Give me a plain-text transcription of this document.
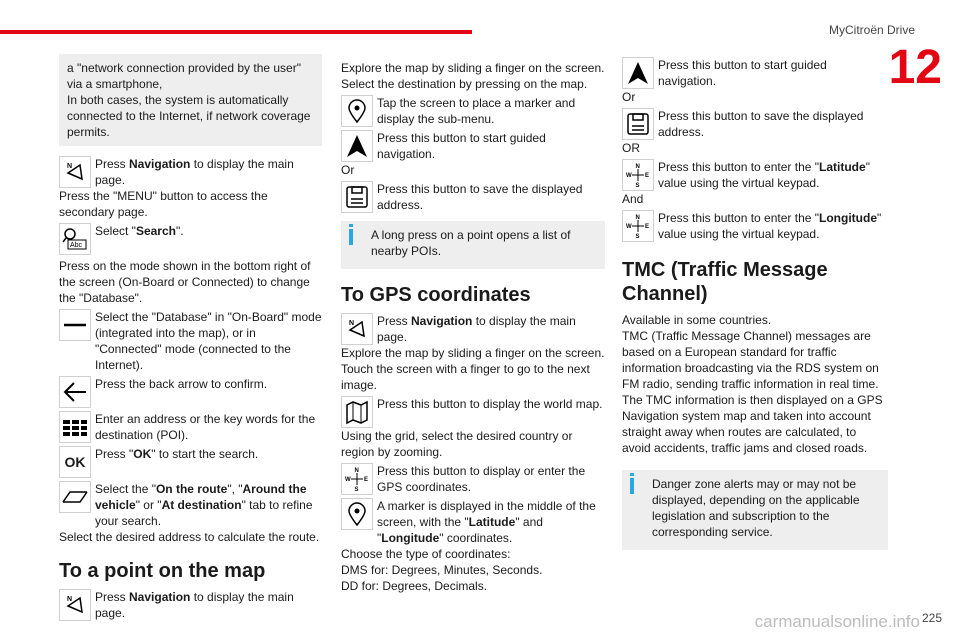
MyCitroën Drive
12
carmanualsonline.info 225
a "network connection provided by the user" via a smartphone,
In both cases, the system is automatically connected to the Internet, if network coverage permits.
N Press Navigation to display the main page.

Press the "MENU" button to access the secondary page.

Abc

Select "Search".

Press on the mode shown in the bottom right of the screen (On-Board or Connected) to change the "Database".

Select the "Database" in "On-Board" mode (integrated into the map), or in "Connected" mode (connected to the Internet).

Press the back arrow to confirm.

Enter an address or the key words for the destination (POI).

OK Press "OK" to start the search.

Select the "On the route", "Around the vehicle" or "At destination" tab to refine your search.

Select the desired address to calculate the route.

To a point on the map
N Press Navigation to display the main page.

Explore the map by sliding a finger on the screen.

Select the destination by pressing on the map.

Tap the screen to place a marker and display the sub-menu.

Press this button to start guided navigation.

Or

Press this button to save the displayed address.

A long press on a point opens a list of nearby POIs.

To GPS coordinates
N Press Navigation to display the main page.

Explore the map by sliding a finger on the screen.

Touch the screen with a finger to go to the next image.

Press this button to display the world map.

Using the grid, select the desired country or region by zooming.

N
W E
S

Press this button to display or enter the GPS coordinates.

A marker is displayed in the middle of the screen, with the "Latitude" and "Longitude" coordinates.

Choose the type of coordinates:

DMS for: Degrees, Minutes, Seconds.

DD for: Degrees, Decimals.

Press this button to start guided navigation.

Or

Press this button to save the displayed address.

OR

N
W E
S

Press this button to enter the "Latitude" value using the virtual keypad.

And

N
W E
S

Press this button to enter the "Longitude" value using the virtual keypad.

TMC (Traffic Message Channel)

Available in some countries.

TMC (Traffic Message Channel) messages are based on a European standard for traffic information broadcasting via the RDS system on FM radio, sending traffic information in real time.

The TMC information is then displayed on a GPS Navigation system map and taken into account straight away when routes are calculated, to avoid accidents, traffic jams and closed roads.

Danger zone alerts may or may not be displayed, depending on the applicable legislation and subscription to the corresponding service.
